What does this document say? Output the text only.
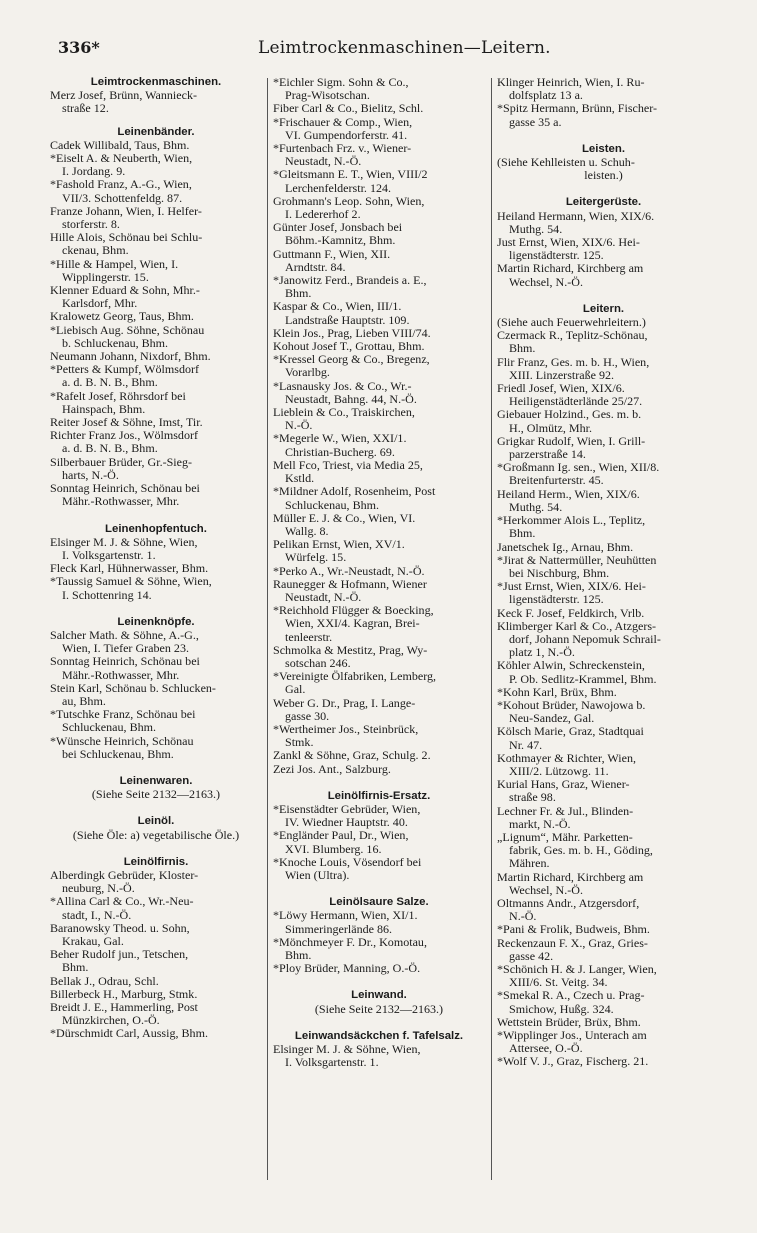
336*	Leimtrockenmaschinen—Leitern.
Leimtrockenmaschinen.
Merz Josef, Brünn, Wannieck-
straße 12.
Leinenbänder.
Cadek Willibald, Taus, Bhm.
*Eiselt A. & Neuberth, Wien,
I. Jordang. 9.
*Fashold Franz, A.-G., Wien,
VII/3. Schottenfeldg. 87.
Franze Johann, Wien, I. Helfer-
storferstr. 8.
Hille Alois, Schönau bei Schlu-
ckenau, Bhm.
*Hille & Hampel, Wien, I.
Wipplingerstr. 15.
Klenner Eduard & Sohn, Mhr.-
Karlsdorf, Mhr.
Kralowetz Georg, Taus, Bhm.
*Liebisch Aug. Söhne, Schönau
b. Schluckenau, Bhm.
Neumann Johann, Nixdorf, Bhm.
*Petters & Kumpf, Wölmsdorf
a. d. B. N. B., Bhm.
*Rafelt Josef, Röhrsdorf bei
Hainspach, Bhm.
Reiter Josef & Söhne, Imst, Tir.
Richter Franz Jos., Wölmsdorf
a. d. B. N. B., Bhm.
Silberbauer Brüder, Gr.-Sieg-
harts, N.-Ö.
Sonntag Heinrich, Schönau bei
Mähr.-Rothwasser, Mhr.
Leinenhopfentuch.
Elsinger M. J. & Söhne, Wien,
I. Volksgartenstr. 1.
Fleck Karl, Hühnerwasser, Bhm.
*Taussig Samuel & Söhne, Wien,
I. Schottenring 14.
Leinenknöpfe.
Salcher Math. & Söhne, A.-G.,
Wien, I. Tiefer Graben 23.
Sonntag Heinrich, Schönau bei
Mähr.-Rothwasser, Mhr.
Stein Karl, Schönau b. Schlucken-
au, Bhm.
*Tutschke Franz, Schönau bei
Schluckenau, Bhm.
*Wünsche Heinrich, Schönau
bei Schluckenau, Bhm.
Leinenwaren.
(Siehe Seite 2132—2163.)
Leinöl.
(Siehe Öle: a) vegetabilische Öle.)
Leinölfirnis.
Alberdingk Gebrüder, Kloster-
neuburg, N.-Ö.
*Allina Carl & Co., Wr.-Neu-
stadt, I., N.-Ö.
Baranowsky Theod. u. Sohn,
Krakau, Gal.
Beher Rudolf jun., Tetschen,
Bhm.
Bellak J., Odrau, Schl.
Billerbeck H., Marburg, Stmk.
Breidt J. E., Hammerling, Post
Münzkirchen, O.-Ö.
*Dürschmidt Carl, Aussig, Bhm.
*Eichler Sigm. Sohn & Co.,
Prag-Wisotschan.
Fiber Carl & Co., Bielitz, Schl.
*Frischauer & Comp., Wien,
VI. Gumpendorferstr. 41.
*Furtenbach Frz. v., Wiener-
Neustadt, N.-Ö.
*Gleitsmann E. T., Wien, VIII/2
Lerchenfelderstr. 124.
Grohmann's Leop. Sohn, Wien,
I. Ledererhof 2.
Günter Josef, Jonsbach bei
Böhm.-Kamnitz, Bhm.
Guttmann F., Wien, XII.
Arndtstr. 84.
*Janowitz Ferd., Brandeis a. E.,
Bhm.
Kaspar & Co., Wien, III/1.
Landstraße Hauptstr. 109.
Klein Jos., Prag, Lieben VIII/74.
Kohout Josef T., Grottau, Bhm.
*Kressel Georg & Co., Bregenz,
Vorarlbg.
*Lasnausky Jos. & Co., Wr.-
Neustadt, Bahng. 44, N.-Ö.
Lieblein & Co., Traiskirchen,
N.-Ö.
*Megerle W., Wien, XXI/1.
Christian-Bucherg. 69.
Mell Fco, Triest, via Media 25,
Kstld.
*Mildner Adolf, Rosenheim, Post
Schluckenau, Bhm.
Müller E. J. & Co., Wien, VI.
Wallg. 8.
Pelikan Ernst, Wien, XV/1.
Würfelg. 15.
*Perko A., Wr.-Neustadt, N.-Ö.
Raunegger & Hofmann, Wiener
Neustadt, N.-Ö.
*Reichhold Flügger & Boecking,
Wien, XXI/4. Kagran, Brei-
tenleerstr.
Schmolka & Mestitz, Prag, Wy-
sotschan 246.
*Vereinigte Ölfabriken, Lemberg,
Gal.
Weber G. Dr., Prag, I. Lange-
gasse 30.
*Wertheimer Jos., Steinbrück,
Stmk.
Zankl & Söhne, Graz, Schulg. 2.
Zezi Jos. Ant., Salzburg.
Leinölfirnis-Ersatz.
*Eisenstädter Gebrüder, Wien,
IV. Wiedner Hauptstr. 40.
*Engländer Paul, Dr., Wien,
XVI. Blumberg. 16.
*Knoche Louis, Vösendorf bei
Wien (Ultra).
Leinölsaure Salze.
*Löwy Hermann, Wien, XI/1.
Simmeringerlände 86.
*Mönchmeyer F. Dr., Komotau,
Bhm.
*Ploy Brüder, Manning, O.-Ö.
Leinwand.
(Siehe Seite 2132—2163.)
Leinwandsäckchen f. Tafelsalz.
Elsinger M. J. & Söhne, Wien,
I. Volksgartenstr. 1.
Klinger Heinrich, Wien, I. Ru-
dolfsplatz 13 a.
*Spitz Hermann, Brünn, Fischer-
gasse 35 a.
Leisten.
(Siehe Kehlleisten u. Schuh-
leisten.)
Leitergerüste.
Heiland Hermann, Wien, XIX/6.
Muthg. 54.
Just Ernst, Wien, XIX/6. Hei-
ligenstädterstr. 125.
Martin Richard, Kirchberg am
Wechsel, N.-Ö.
Leitern.
(Siehe auch Feuerwehrleitern.)
Czermack R., Teplitz-Schönau,
Bhm.
Flir Franz, Ges. m. b. H., Wien,
XIII. Linzerstraße 92.
Friedl Josef, Wien, XIX/6.
Heiligenstädterlände 25/27.
Giebauer Holzind., Ges. m. b.
H., Olmütz, Mhr.
Grigkar Rudolf, Wien, I. Grill-
parzerstraße 14.
*Großmann Ig. sen., Wien, XII/8.
Breitenfurterstr. 45.
Heiland Herm., Wien, XIX/6.
Muthg. 54.
*Herkommer Alois L., Teplitz,
Bhm.
Janetschek Ig., Arnau, Bhm.
*Jirat & Nattermüller, Neuhütten
bei Nischburg, Bhm.
*Just Ernst, Wien, XIX/6. Hei-
ligenstädterstr. 125.
Keck F. Josef, Feldkirch, Vrlb.
Klimberger Karl & Co., Atzgers-
dorf, Johann Nepomuk Schrail-
platz 1, N.-Ö.
Köhler Alwin, Schreckenstein,
P. Ob. Sedlitz-Krammel, Bhm.
*Kohn Karl, Brüx, Bhm.
*Kohout Brüder, Nawojowa b.
Neu-Sandez, Gal.
Kölsch Marie, Graz, Stadtquai
Nr. 47.
Kothmayer & Richter, Wien,
XIII/2. Lützowg. 11.
Kurial Hans, Graz, Wiener-
straße 98.
Lechner Fr. & Jul., Blinden-
markt, N.-Ö.
„Lignum“, Mähr. Parketten-
fabrik, Ges. m. b. H., Göding,
Mähren.
Martin Richard, Kirchberg am
Wechsel, N.-Ö.
Oltmanns Andr., Atzgersdorf,
N.-Ö.
*Pani & Frolik, Budweis, Bhm.
Reckenzaun F. X., Graz, Gries-
gasse 42.
*Schönich H. & J. Langer, Wien,
XIII/6. St. Veitg. 34.
*Smekal R. A., Czech u. Prag-
Smichow, Hußg. 324.
Wettstein Brüder, Brüx, Bhm.
*Wipplinger Jos., Unterach am
Attersee, O.-Ö.
*Wolf V. J., Graz, Fischerg. 21.
